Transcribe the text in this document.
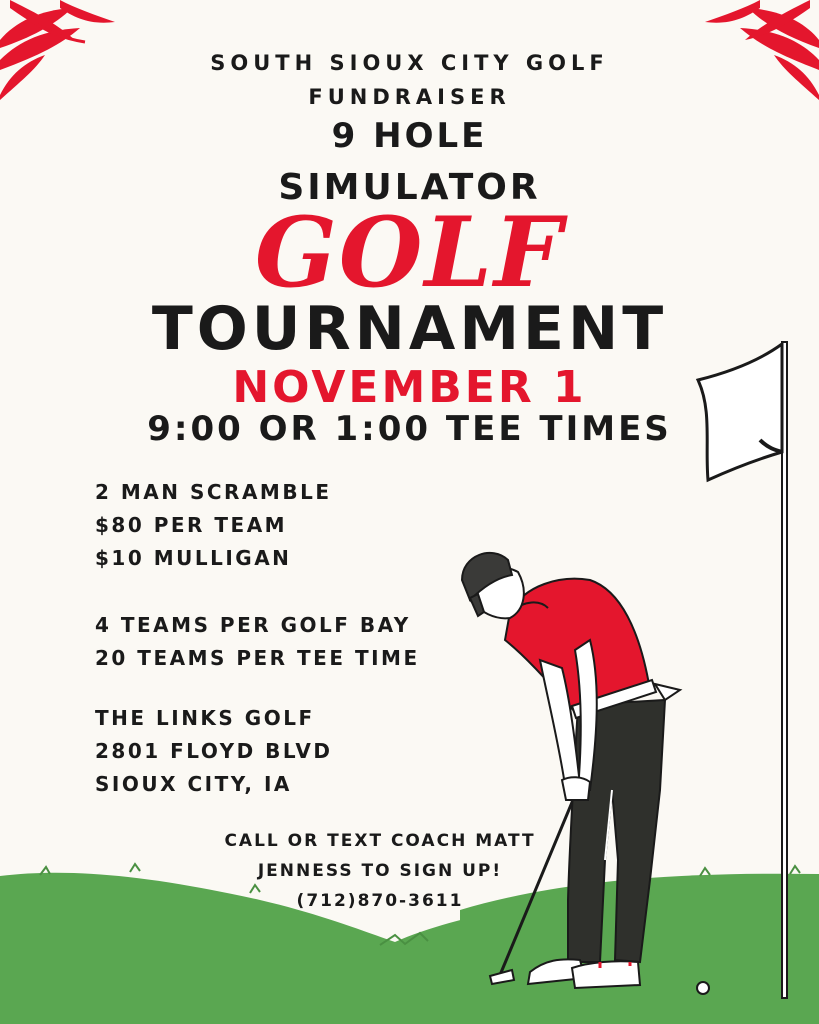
SOUTH SIOUX CITY GOLF

FUNDRAISER

9 HOLE

SIMULATOR

GOLF

TOURNAMENT

NOVEMBER 1

9:00 OR 1:00 TEE TIMES

2 MAN SCRAMBLE
$80 PER TEAM
$10 MULLIGAN
4 TEAMS PER GOLF BAY
20 TEAMS PER TEE TIME
THE LINKS GOLF
2801 FLOYD BLVD
SIOUX CITY, IA
CALL OR TEXT COACH MATT
JENNESS TO SIGN UP!
(712)870-3611
